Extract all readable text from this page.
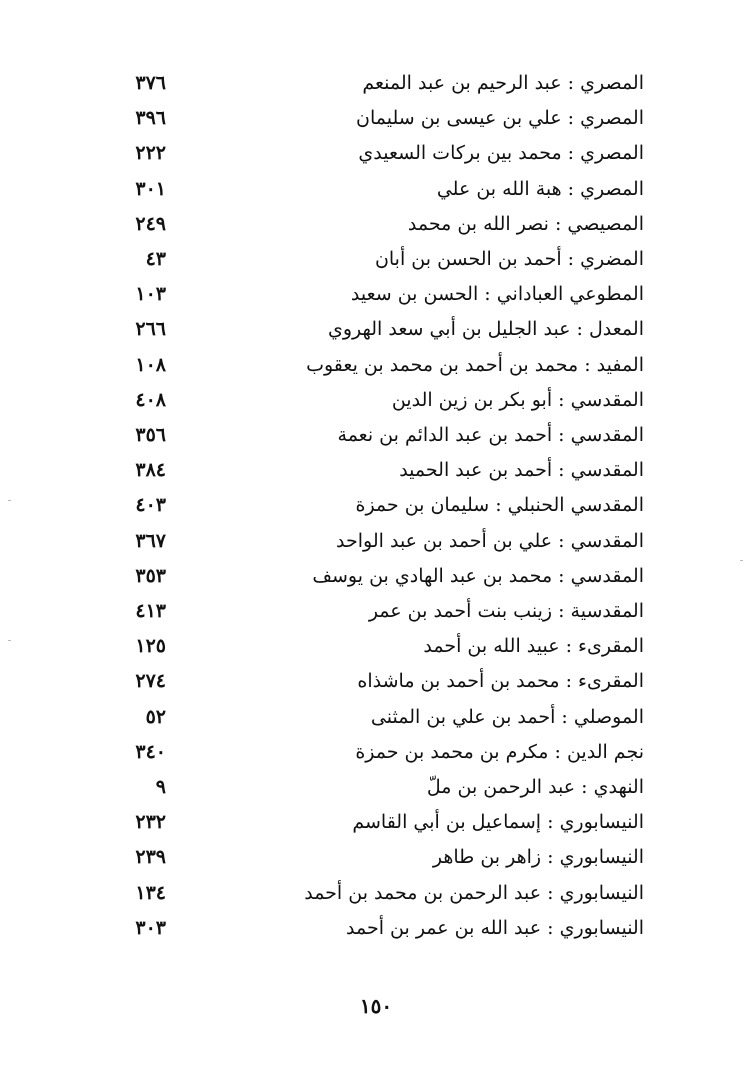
٣٧٦	المصري : عبد الرحيم بن عبد المنعم
٣٩٦	المصري : علي بن عيسى بن سليمان
٢٢٢	المصري : محمد بين بركات السعيدي
٣٠١	المصري : هبة الله بن علي
٢٤٩	المصيصي : نصر الله بن محمد
٤٣	المضري : أحمد بن الحسن بن أبان
١٠٣	المطوعي العباداني : الحسن بن سعيد
٢٦٦	المعدل : عبد الجليل بن أبي سعد الهروي
١٠٨	المفيد : محمد بن أحمد بن محمد بن يعقوب
٤٠٨	المقدسي : أبو بكر بن زين الدين
٣٥٦	المقدسي : أحمد بن عبد الدائم بن نعمة
٣٨٤	المقدسي : أحمد بن عبد الحميد
٤٠٣	المقدسي الحنبلي : سليمان بن حمزة
٣٦٧	المقدسي : علي بن أحمد بن عبد الواحد
٣٥٣	المقدسي : محمد بن عبد الهادي بن يوسف
٤١٣	المقدسية : زينب بنت أحمد بن عمر
١٢٥	المقرىء : عبيد الله بن أحمد
٢٧٤	المقرىء : محمد بن أحمد بن ماشذاه
٥٢	الموصلي : أحمد بن علي بن المثنى
٣٤٠	نجم الدين : مكرم بن محمد بن حمزة
٩	النهدي : عبد الرحمن بن ملّ
٢٣٢	النيسابوري : إسماعيل بن أبي القاسم
٢٣٩	النيسابوري : زاهر بن طاهر
١٣٤	النيسابوري : عبد الرحمن بن محمد بن أحمد
٣٠٣	النيسابوري : عبد الله بن عمر بن أحمد
١٥٠
